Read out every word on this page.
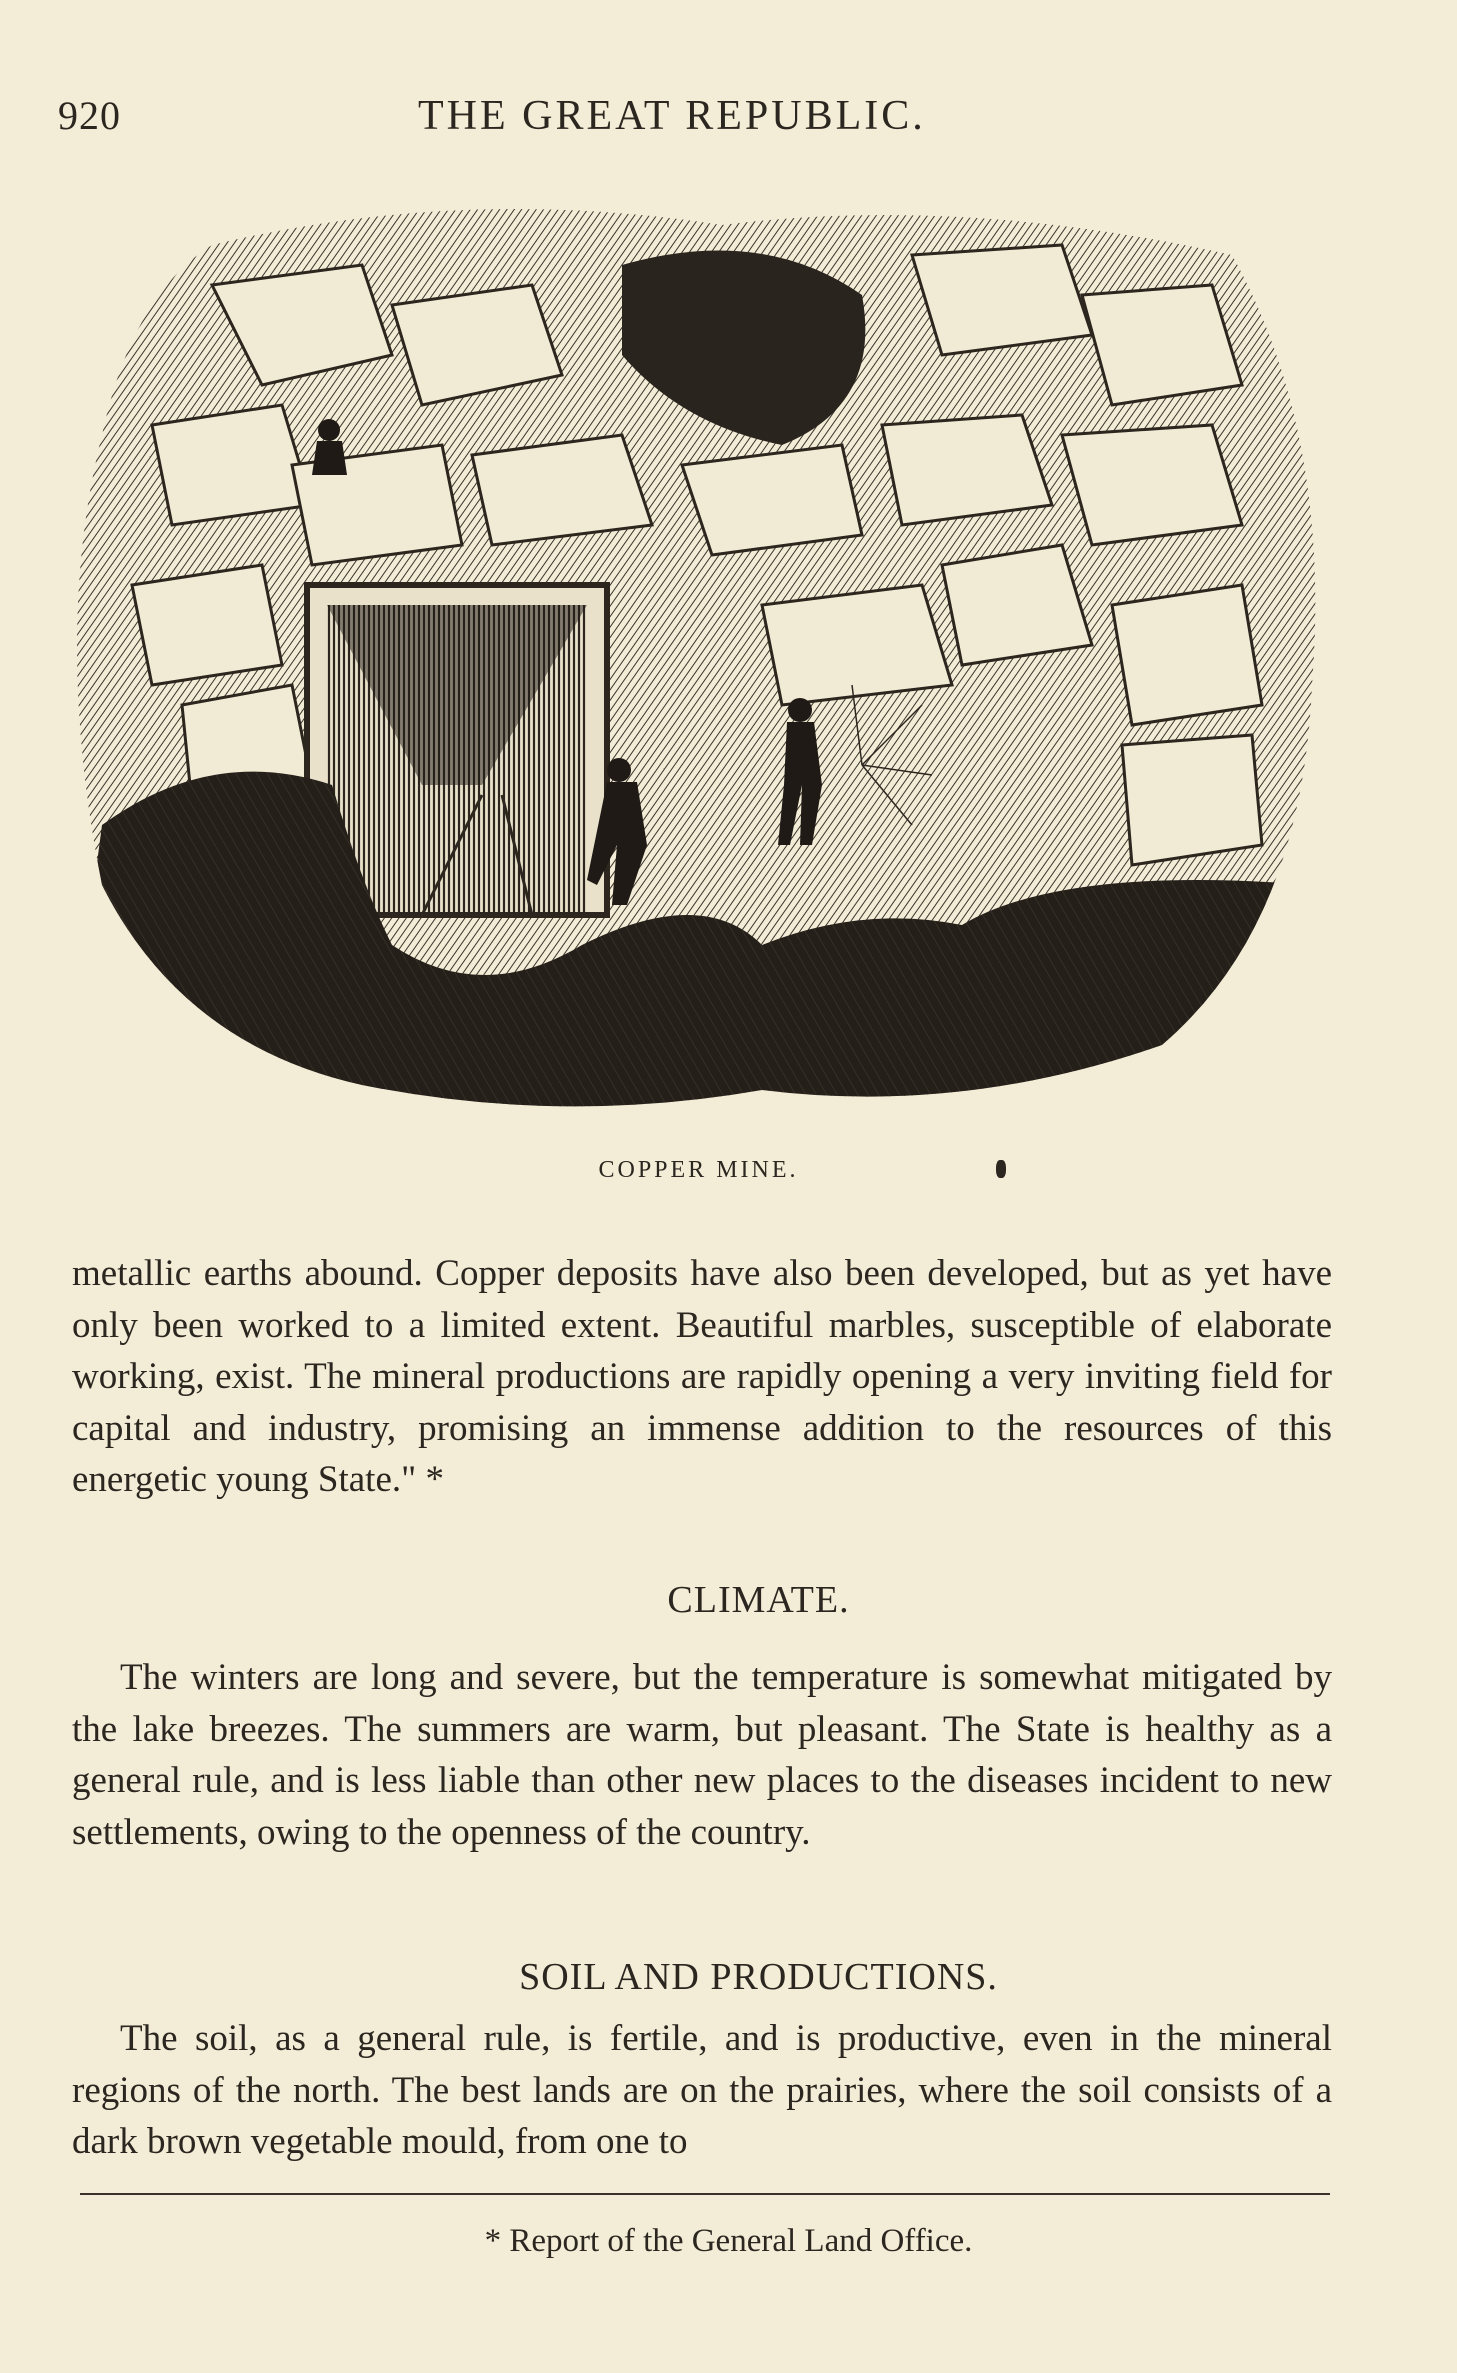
920	THE GREAT REPUBLIC.
COPPER MINE.

metallic earths abound. Copper deposits have also been developed, but as yet have only been worked to a limited extent. Beautiful marbles, susceptible of elaborate working, exist. The mineral productions are rapidly opening a very inviting field for capital and industry, promising an immense addition to the resources of this energetic young State." *

CLIMATE.

The winters are long and severe, but the temperature is somewhat mitigated by the lake breezes. The summers are warm, but pleasant. The State is healthy as a general rule, and is less liable than other new places to the diseases incident to new settlements, owing to the openness of the country.

SOIL AND PRODUCTIONS.

The soil, as a general rule, is fertile, and is productive, even in the mineral regions of the north. The best lands are on the prairies, where the soil consists of a dark brown vegetable mould, from one to

* Report of the General Land Office.
